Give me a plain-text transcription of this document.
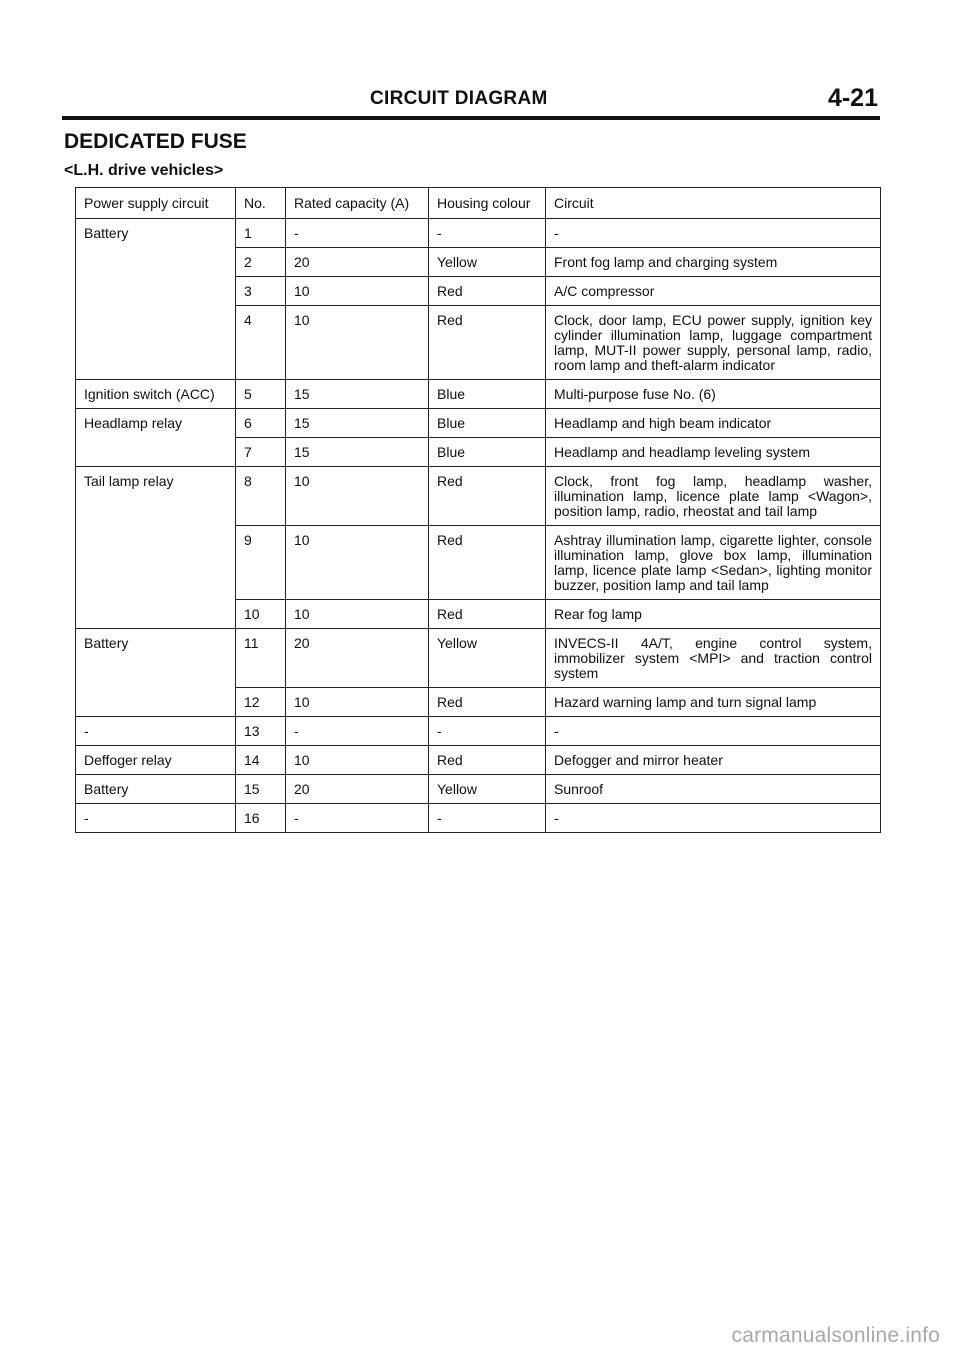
CIRCUIT DIAGRAM	4-21
DEDICATED FUSE
<L.H. drive vehicles>
Power supply circuit	No.	Rated capacity (A)	Housing colour	Circuit
Battery	1	-	-	-
	2	20	Yellow	Front fog lamp and charging system
	3	10	Red	A/C compressor
	4	10	Red	Clock, door lamp, ECU power supply, ignition key cylinder illumination lamp, luggage compartment lamp, MUT-II power supply, personal lamp, radio, room lamp and theft-alarm indicator
Ignition switch (ACC)	5	15	Blue	Multi-purpose fuse No. (6)
Headlamp relay	6	15	Blue	Headlamp and high beam indicator
	7	15	Blue	Headlamp and headlamp leveling system
Tail lamp relay	8	10	Red	Clock, front fog lamp, headlamp washer, illumination lamp, licence plate lamp <Wagon>, position lamp, radio, rheostat and tail lamp
	9	10	Red	Ashtray illumination lamp, cigarette lighter, console illumination lamp, glove box lamp, illumination lamp, licence plate lamp <Sedan>, lighting monitor buzzer, position lamp and tail lamp
	10	10	Red	Rear fog lamp
Battery	11	20	Yellow	INVECS-II 4A/T, engine control system, immobilizer system <MPI> and traction control system
	12	10	Red	Hazard warning lamp and turn signal lamp
-	13	-	-	-
Deffoger relay	14	10	Red	Defogger and mirror heater
Battery	15	20	Yellow	Sunroof
-	16	-	-	-
carmanualsonline.info
